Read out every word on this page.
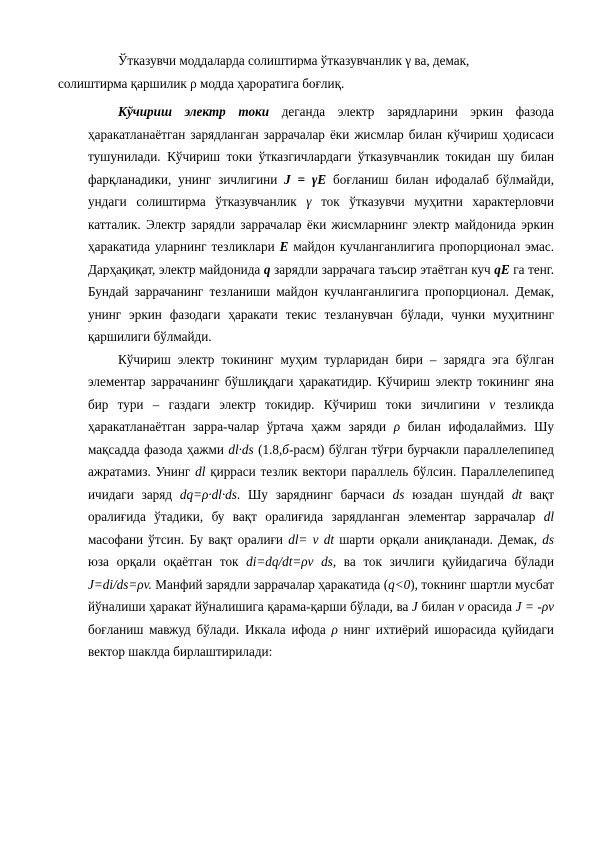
Ўтказувчи моддаларда солиштирма ўтказувчанлик γ ва, демак,
солиштирма қаршилик ρ модда ҳароратига боғлиқ.

Кўчириш электр токи деганда электр зарядларини эркин фазода ҳаракатланаётган зарядланган заррачалар ёки жисмлар билан кўчириш ҳодисаси тушунилади. Кўчириш токи ўтказгичлардаги ўтказувчанлик токидан шу билан фарқланадики, унинг зичлигини J = γE боғланиш билан ифодалаб бўлмайди, ундаги солиштирма ўтказувчанлик γ ток ўтказувчи муҳитни характерловчи катталик. Электр зарядли заррачалар ёки жисмларнинг электр майдонида эркин ҳаракатида уларнинг тезликлари E майдон кучланганлигига пропорционал эмас. Дарҳақиқат, электр майдонида q зарядли заррачага таъсир этаётган куч qE га тенг. Бундай заррачанинг тезланиши майдон кучланганлигига пропорционал. Демак, унинг эркин фазодаги ҳаракати текис тезланувчан бўлади, чунки муҳитнинг қаршилиги бўлмайди.

Кўчириш электр токининг муҳим турларидан бири – зарядга эга бўлган элементар заррачанинг бўшлиқдаги ҳаракатидир. Кўчириш электр токининг яна бир тури – газдаги электр токидир. Кўчириш токи зичлигини v тезликда ҳаракатланаётган зарра-чалар ўртача ҳажм заряди ρ билан ифодалаймиз. Шу мақсадда фазода ҳажми dl·ds (1.8,б-расм) бўлган тўғри бурчакли параллелепипед ажратамиз. Унинг dl қирраси тезлик вектори параллель бўлсин. Параллелепипед ичидаги заряд dq=ρ·dl·ds. Шу заряднинг барчаси ds юзадан шундай dt вақт оралиғида ўтадики, бу вақт оралиғида зарядланган элементар заррачалар dl масофани ўтсин. Бу вақт оралиғи dl= v dt шарти орқали аниқланади. Демак, ds юза орқали оқаётган ток di=dq/dt=ρv ds, ва ток зичлиги қуйидагича бўлади J=di/ds=ρv. Манфий зарядли заррачалар ҳаракатида (q<0), токнинг шартли мусбат йўналиши ҳаракат йўналишига қарама-қарши бўлади, ва J билан v орасида J = -ρv боғланиш мавжуд бўлади. Иккала ифода ρ нинг ихтиёрий ишорасида қуйидаги вектор шаклда бирлаштирилади:
